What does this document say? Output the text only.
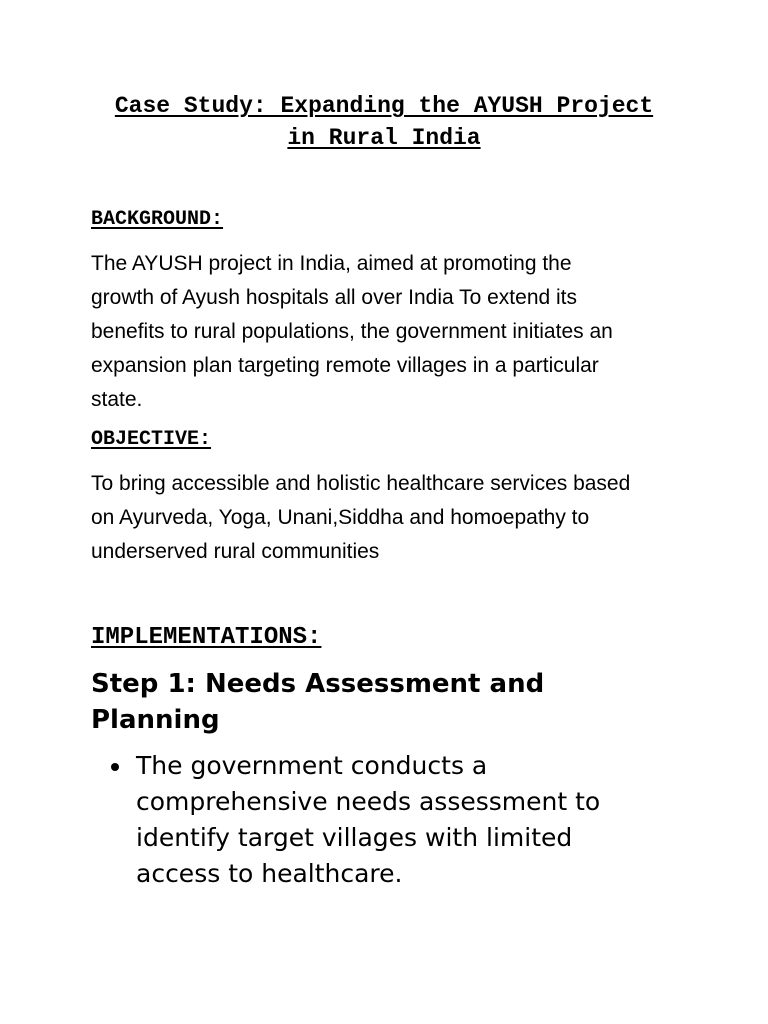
Case Study: Expanding the AYUSH Project
in Rural India
BACKGROUND:

The AYUSH project in India, aimed at promoting the
growth of Ayush hospitals all over India To extend its
benefits to rural populations, the government initiates an
expansion plan targeting remote villages in a particular
state.

OBJECTIVE:

To bring accessible and holistic healthcare services based
on Ayurveda, Yoga, Unani,Siddha and homoepathy to
underserved rural communities

IMPLEMENTATIONS:
Step 1: Needs Assessment and
Planning
The government conducts a
comprehensive needs assessment to
identify target villages with limited
access to healthcare.
